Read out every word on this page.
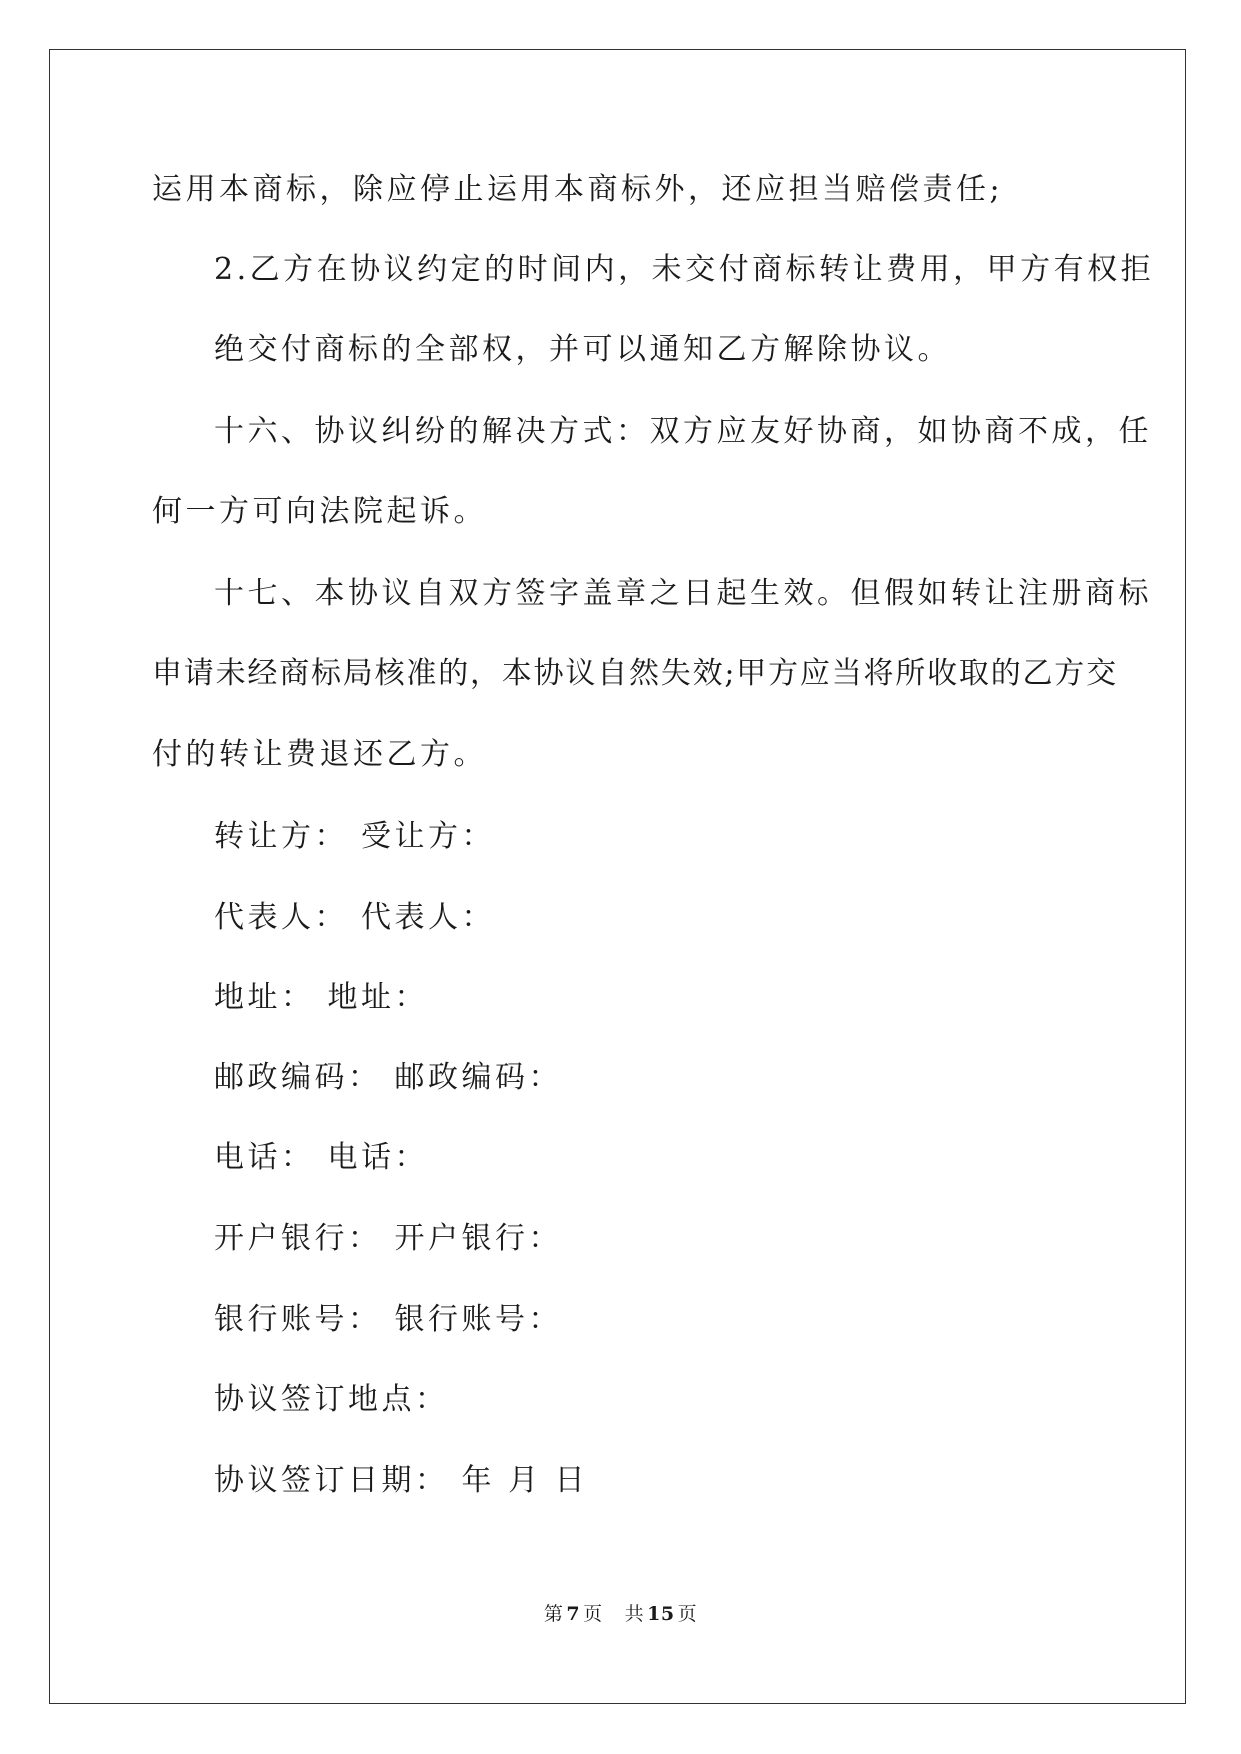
运用本商标，除应停止运用本商标外，还应担当赔偿责任;
2.乙方在协议约定的时间内，未交付商标转让费用，甲方有权拒
绝交付商标的全部权，并可以通知乙方解除协议。
十六、协议纠纷的解决方式：双方应友好协商，如协商不成，任
何一方可向法院起诉。
十七、本协议自双方签字盖章之日起生效。但假如转让注册商标
申请未经商标局核准的，本协议自然失效;甲方应当将所收取的乙方交
付的转让费退还乙方。
转让方： 受让方：
代表人： 代表人：
地址： 地址：
邮政编码： 邮政编码：
电话： 电话：
开户银行： 开户银行：
银行账号： 银行账号：
协议签订地点：
协议签订日期： 年 月 日
第 7 页 共 15 页
